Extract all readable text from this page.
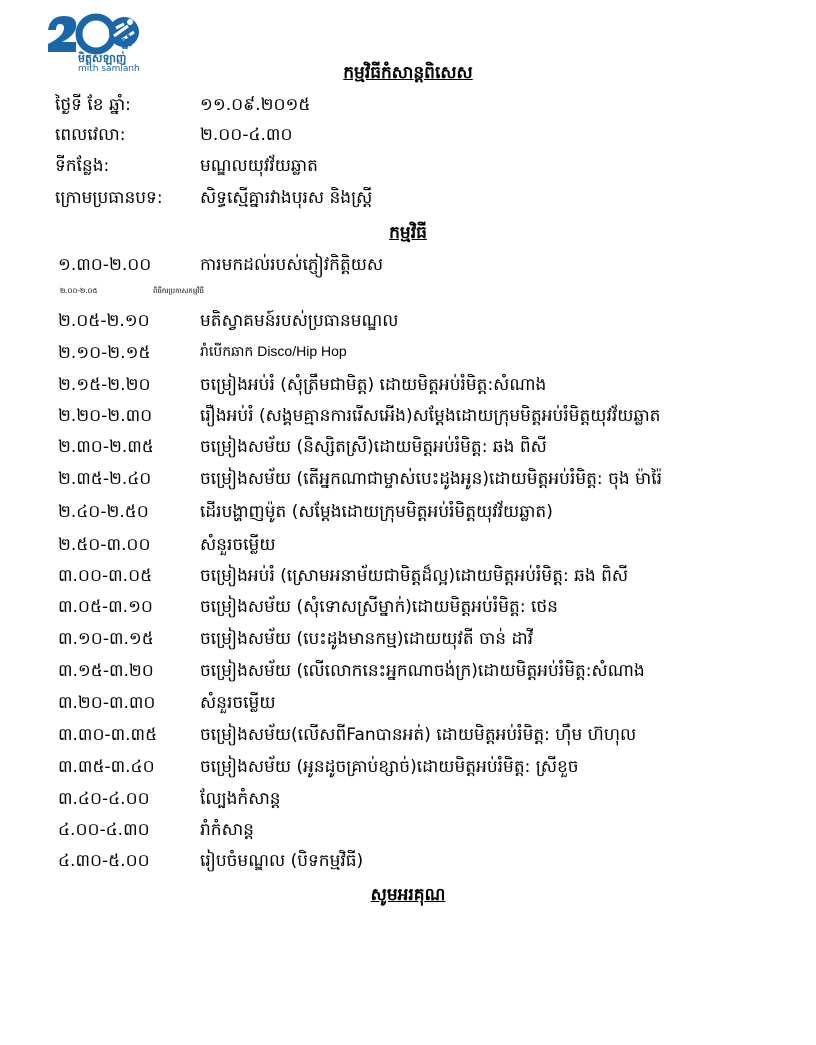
ឆ្នាំ
មិត្តសំឡាញ់
mith samlanh	កម្មវិធីកំសាន្តពិសេស
ថ្ងៃទី ខែ ឆ្នាំ:	១១.០៩.២០១៥
ពេលវេលា:	២.០០-៤.៣០
ទីកន្លែង:	មណ្ឌលយុវវ័យឆ្លាត
ក្រោមប្រធានបទ: សិទ្ធស្មើគ្នារវាងបុរស និងស្ត្រី
កម្មវិធី
១.៣០-២.០០	ការមកដល់របស់ភ្ញៀវកិត្តិយស
២.០០-២.០៥	ពិធីករប្រកាសកម្មវិធី
២.០៥-២.១០	មតិស្វាគមន៍របស់ប្រធានមណ្ឌល
២.១០-២.១៥	រាំបើកឆាក Disco/Hip Hop
២.១៥-២.២០	ចម្រៀងអប់រំ (សុំត្រឹមជាមិត្ត) ដោយមិត្តអប់រំមិត្ត:សំណាង
២.២០-២.៣០	រឿងអប់រំ (សង្គមគ្មានការរើសអើង)សម្តែងដោយក្រុមមិត្តអប់រំមិត្តយុវវ័យឆ្លាត
២.៣០-២.៣៥	ចម្រៀងសម័យ (និស្សិតស្រី)ដោយមិត្តអប់រំមិត្ត: ឆង ពិសី
២.៣៥-២.៤០	ចម្រៀងសម័យ (តើអ្នកណាជាម្ចាស់បេះដូងអូន)ដោយមិត្តអប់រំមិត្ត: ចុង ម៉ារ៉ៃ
២.៤០-២.៥០	ដើរបង្ហាញម៉ូត (សម្តែងដោយក្រុមមិត្តអប់រំមិត្តយុវវ័យឆ្លាត)
២.៥០-៣.០០	សំនួរចម្លើយ
៣.០០-៣.០៥	ចម្រៀងអប់រំ (ស្រោមអនាម័យជាមិត្តដ៏ល្អ)ដោយមិត្តអប់រំមិត្ត: ឆង ពិសី
៣.០៥-៣.១០	ចម្រៀងសម័យ (សុំទោសស្រីម្នាក់)ដោយមិត្តអប់រំមិត្ត: ថេន
៣.១០-៣.១៥	ចម្រៀងសម័យ (បេះដូងមានកម្ម)ដោយយុវតី ចាន់ ដាវី
៣.១៥-៣.២០	ចម្រៀងសម័យ (លើលោកនេះអ្នកណាចង់ក្រ)ដោយមិត្តអប់រំមិត្ត:សំណាង
៣.២០-៣.៣០	សំនួរចម្លើយ
៣.៣០-៣.៣៥	ចម្រៀងសម័យ(លើសពីFanបានអត់) ដោយមិត្តអប់រំមិត្ត: ហ៊ឹម ហ៊ហុល
៣.៣៥-៣.៤០	ចម្រៀងសម័យ (អូនដូចគ្រាប់ខ្សាច់)ដោយមិត្តអប់រំមិត្ត: ស្រីខួច
៣.៤០-៤.០០	ល្បែងកំសាន្ត
៤.០០-៤.៣០	រាំកំសាន្ត
៤.៣០-៥.០០	រៀបចំមណ្ឌល (បិទកម្មវិធី)
សូមអរគុណ
